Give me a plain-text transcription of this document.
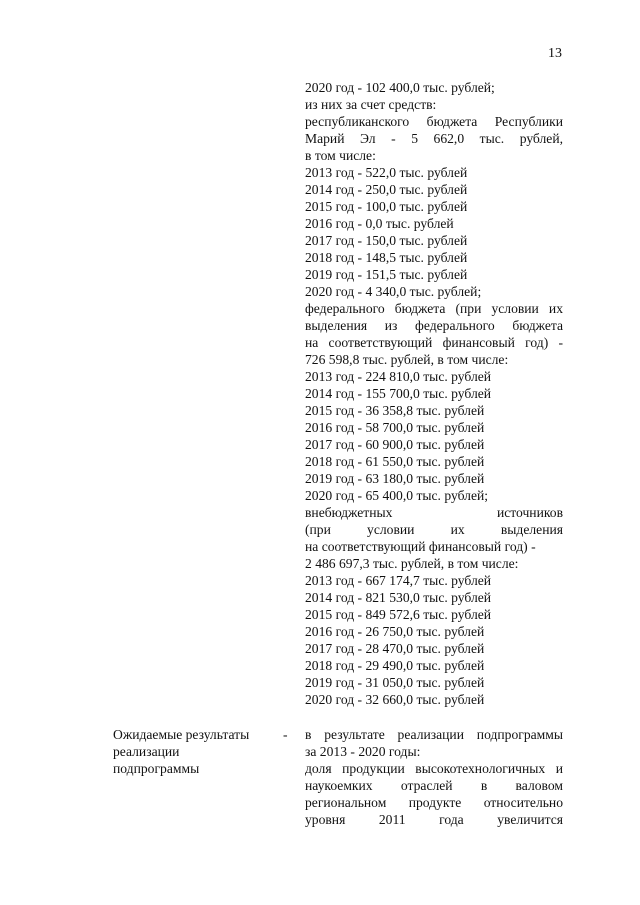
13
2020 год - 102 400,0 тыс. рублей;
из них за счет средств:
республиканского бюджета Республики
Марий Эл - 5 662,0 тыс. рублей,
в том числе:
2013 год - 522,0 тыс. рублей
2014 год - 250,0 тыс. рублей
2015 год - 100,0 тыс. рублей
2016 год - 0,0 тыс. рублей
2017 год - 150,0 тыс. рублей
2018 год - 148,5 тыс. рублей
2019 год - 151,5 тыс. рублей
2020 год - 4 340,0 тыс. рублей;
федерального бюджета (при условии их
выделения из федерального бюджета
на соответствующий финансовый год) -
726 598,8 тыс. рублей, в том числе:
2013 год - 224 810,0 тыс. рублей
2014 год - 155 700,0 тыс. рублей
2015 год - 36 358,8 тыс. рублей
2016 год - 58 700,0 тыс. рублей
2017 год - 60 900,0 тыс. рублей
2018 год - 61 550,0 тыс. рублей
2019 год - 63 180,0 тыс. рублей
2020 год - 65 400,0 тыс. рублей;
внебюджетных источников
(при условии их выделения
на соответствующий финансовый год) -
2 486 697,3 тыс. рублей, в том числе:
2013 год - 667 174,7 тыс. рублей
2014 год - 821 530,0 тыс. рублей
2015 год - 849 572,6 тыс. рублей
2016 год - 26 750,0 тыс. рублей
2017 год - 28 470,0 тыс. рублей
2018 год - 29 490,0 тыс. рублей
2019 год - 31 050,0 тыс. рублей
2020 год - 32 660,0 тыс. рублей
Ожидаемые результаты
реализации
подпрограммы
- в результате реализации подпрограммы
за 2013 - 2020 годы:
доля продукции высокотехнологичных и
наукоемких отраслей в валовом
региональном продукте относительно
уровня 2011 года увеличится
